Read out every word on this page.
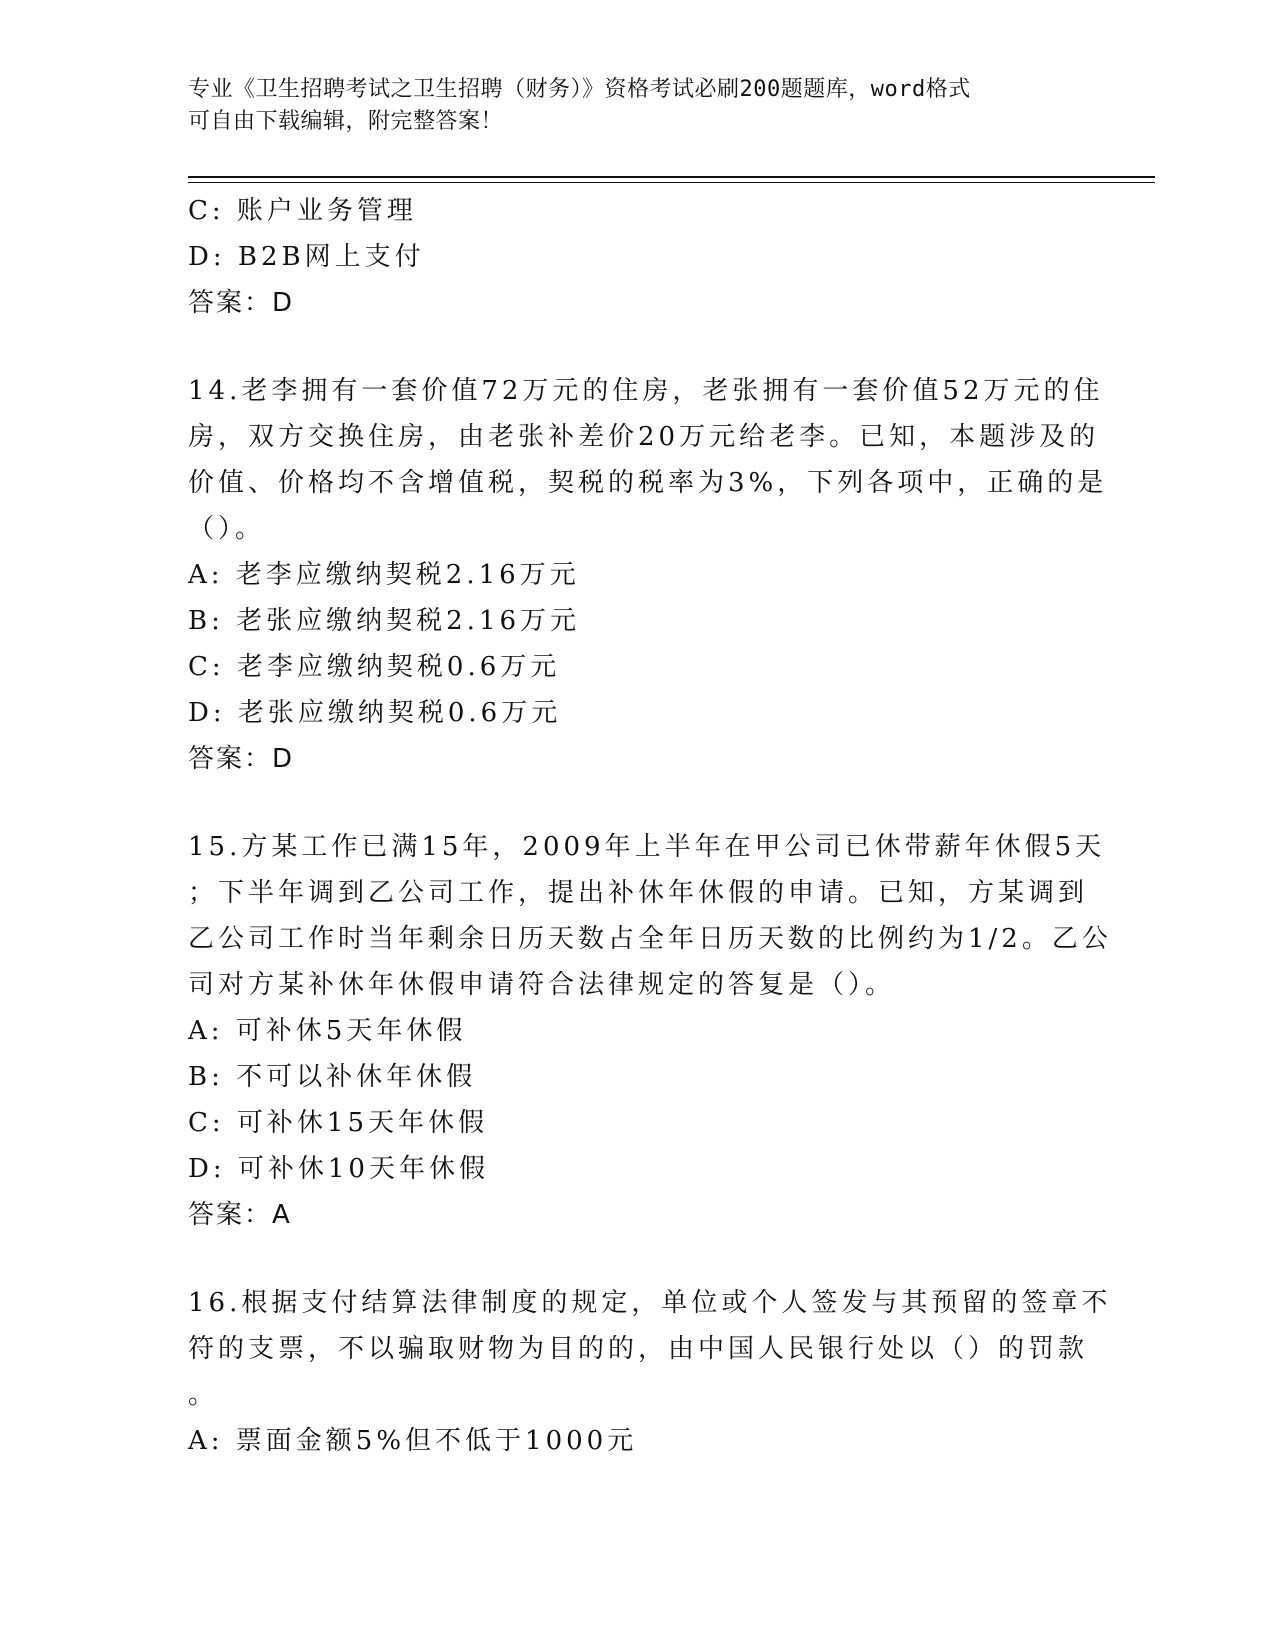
专业《卫生招聘考试之卫生招聘（财务）》资格考试必刷200题题库，word格式
可自由下载编辑，附完整答案！
C: 账户业务管理
D: B2B网上支付
答案：D
14.老李拥有一套价值72万元的住房，老张拥有一套价值52万元的住
房，双方交换住房，由老张补差价20万元给老李。已知，本题涉及的
价值、价格均不含增值税，契税的税率为3%，下列各项中，正确的是
（）。
A: 老李应缴纳契税2.16万元
B: 老张应缴纳契税2.16万元
C: 老李应缴纳契税0.6万元
D: 老张应缴纳契税0.6万元
答案：D
15.方某工作已满15年，2009年上半年在甲公司已休带薪年休假5天
；下半年调到乙公司工作，提出补休年休假的申请。已知，方某调到
乙公司工作时当年剩余日历天数占全年日历天数的比例约为1/2。乙公
司对方某补休年休假申请符合法律规定的答复是（）。
A: 可补休5天年休假
B: 不可以补休年休假
C: 可补休15天年休假
D: 可补休10天年休假
答案：A
16.根据支付结算法律制度的规定，单位或个人签发与其预留的签章不
符的支票，不以骗取财物为目的的，由中国人民银行处以（）的罚款
。
A: 票面金额5%但不低于1000元
